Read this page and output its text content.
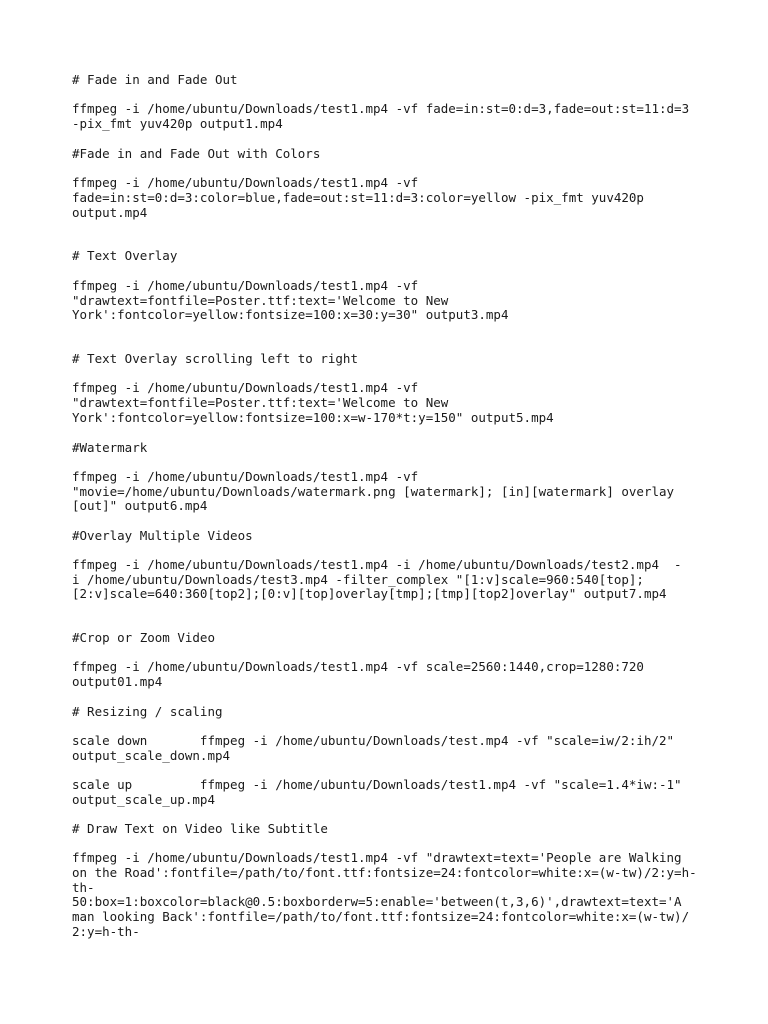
# Fade in and Fade Out

ffmpeg -i /home/ubuntu/Downloads/test1.mp4 -vf fade=in:st=0:d=3,fade=out:st=11:d=3

-pix_fmt yuv420p output1.mp4

#Fade in and Fade Out with Colors

ffmpeg -i /home/ubuntu/Downloads/test1.mp4 -vf

fade=in:st=0:d=3:color=blue,fade=out:st=11:d=3:color=yellow -pix_fmt yuv420p

output.mp4

# Text Overlay

ffmpeg -i /home/ubuntu/Downloads/test1.mp4 -vf

"drawtext=fontfile=Poster.ttf:text='Welcome to New

York':fontcolor=yellow:fontsize=100:x=30:y=30" output3.mp4

# Text Overlay scrolling left to right

ffmpeg -i /home/ubuntu/Downloads/test1.mp4 -vf

"drawtext=fontfile=Poster.ttf:text='Welcome to New

York':fontcolor=yellow:fontsize=100:x=w-170*t:y=150" output5.mp4

#Watermark

ffmpeg -i /home/ubuntu/Downloads/test1.mp4 -vf

"movie=/home/ubuntu/Downloads/watermark.png [watermark]; [in][watermark] overlay

[out]" output6.mp4

#Overlay Multiple Videos

ffmpeg -i /home/ubuntu/Downloads/test1.mp4 -i /home/ubuntu/Downloads/test2.mp4  -

i /home/ubuntu/Downloads/test3.mp4 -filter_complex "[1:v]scale=960:540[top];

[2:v]scale=640:360[top2];[0:v][top]overlay[tmp];[tmp][top2]overlay" output7.mp4

#Crop or Zoom Video

ffmpeg -i /home/ubuntu/Downloads/test1.mp4 -vf scale=2560:1440,crop=1280:720

output01.mp4

# Resizing / scaling

scale down       ffmpeg -i /home/ubuntu/Downloads/test.mp4 -vf "scale=iw/2:ih/2"

output_scale_down.mp4

scale up         ffmpeg -i /home/ubuntu/Downloads/test1.mp4 -vf "scale=1.4*iw:-1"

output_scale_up.mp4

# Draw Text on Video like Subtitle

ffmpeg -i /home/ubuntu/Downloads/test1.mp4 -vf "drawtext=text='People are Walking

on the Road':fontfile=/path/to/font.ttf:fontsize=24:fontcolor=white:x=(w-tw)/2:y=h-

th-

50:box=1:boxcolor=black@0.5:boxborderw=5:enable='between(t,3,6)',drawtext=text='A

man looking Back':fontfile=/path/to/font.ttf:fontsize=24:fontcolor=white:x=(w-tw)/

2:y=h-th-
